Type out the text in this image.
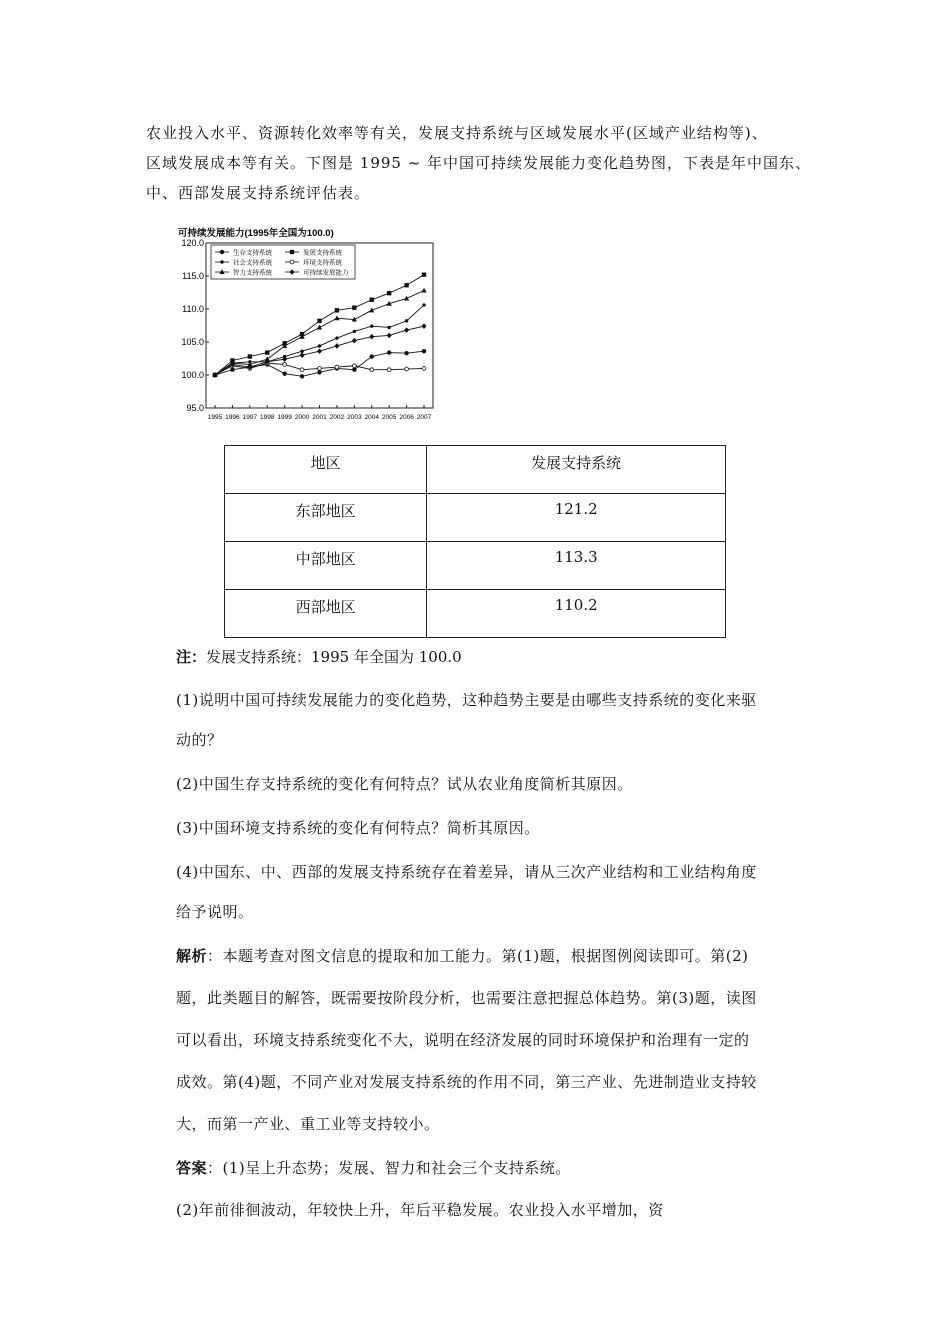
农业投入水平、资源转化效率等有关，发展支持系统与区域发展水平(区域产业结构等)、
区域发展成本等有关。下图是 1995 ~ 年中国可持续发展能力变化趋势图，下表是年中国东、
中、西部发展支持系统评估表。
可持续发展能力(1995年全国为100.0)
95.0
100.0
105.0
110.0
115.0
120.0
1995 1996 1997 1998 1999 2000 2001 2002 2003 2004 2005 2006 2007
生存支持系统	发展支持系统
社会支持系统	环境支持系统
智力支持系统	可持续发展能力
地区	发展支持系统
东部地区	121.2
中部地区	113.3
西部地区	110.2
注：发展支持系统：1995 年全国为 100.0
(1)说明中国可持续发展能力的变化趋势，这种趋势主要是由哪些支持系统的变化来驱
动的？
(2)中国生存支持系统的变化有何特点？试从农业角度简析其原因。
(3)中国环境支持系统的变化有何特点？简析其原因。
(4)中国东、中、西部的发展支持系统存在着差异，请从三次产业结构和工业结构角度
给予说明。
解析：本题考查对图文信息的提取和加工能力。第(1)题，根据图例阅读即可。第(2)
题，此类题目的解答，既需要按阶段分析，也需要注意把握总体趋势。第(3)题，读图
可以看出，环境支持系统变化不大，说明在经济发展的同时环境保护和治理有一定的
成效。第(4)题，不同产业对发展支持系统的作用不同，第三产业、先进制造业支持较
大，而第一产业、重工业等支持较小。
答案：(1)呈上升态势；发展、智力和社会三个支持系统。
(2)年前徘徊波动，年较快上升，年后平稳发展。农业投入水平增加，资
